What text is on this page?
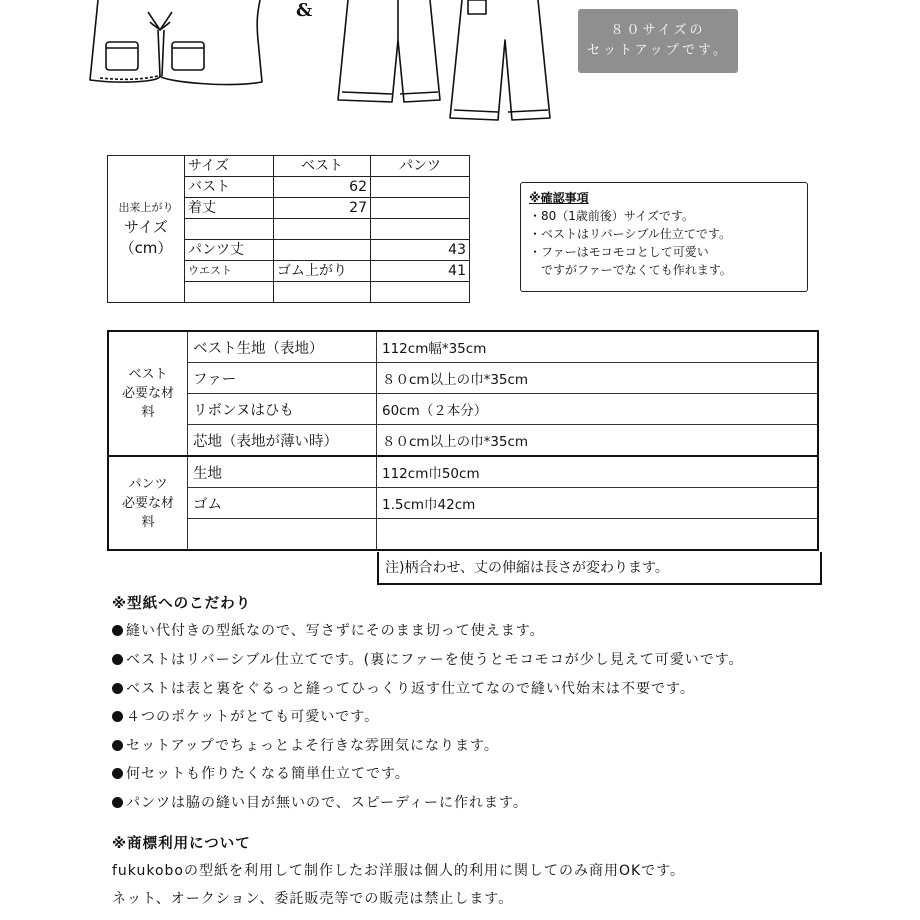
&
８０サイズの
セットアップです。
出来上がり
サイズ
（cm）	サイズ	ベスト	パンツ
	バスト	62	
	着丈	27	

	パンツ丈		43
	ウエスト	ゴム上がり	41

※確認事項
・80（1歳前後）サイズです。
・ベストはリバーシブル仕立てです。
・ファーはモコモコとして可愛い
　ですがファーでなくても作れます。
ベスト
必要な材
料	ベスト生地（表地）	112cm幅*35cm
	ファー	８０cm以上の巾*35cm
	リボンヌはひも	60cm（２本分）
	芯地（表地が薄い時）	８０cm以上の巾*35cm
パンツ
必要な材
料	生地	112cm巾50cm
	ゴム	1.5cm巾42cm

注)柄合わせ、丈の伸縮は長さが変わります。
※型紙へのこだわり
縫い代付きの型紙なので、写さずにそのまま切って使えます。
ベストはリバーシブル仕立てです。(裏にファーを使うとモコモコが少し見えて可愛いです。
ベストは表と裏をぐるっと縫ってひっくり返す仕立てなので縫い代始末は不要です。
４つのポケットがとても可愛いです。
セットアップでちょっとよそ行きな雰囲気になります。
何セットも作りたくなる簡単仕立てです。
パンツは脇の縫い目が無いので、スピーディーに作れます。
※商標利用について
fukukoboの型紙を利用して制作したお洋服は個人的利用に関してのみ商用OKです。
ネット、オークション、委託販売等での販売は禁止します。
